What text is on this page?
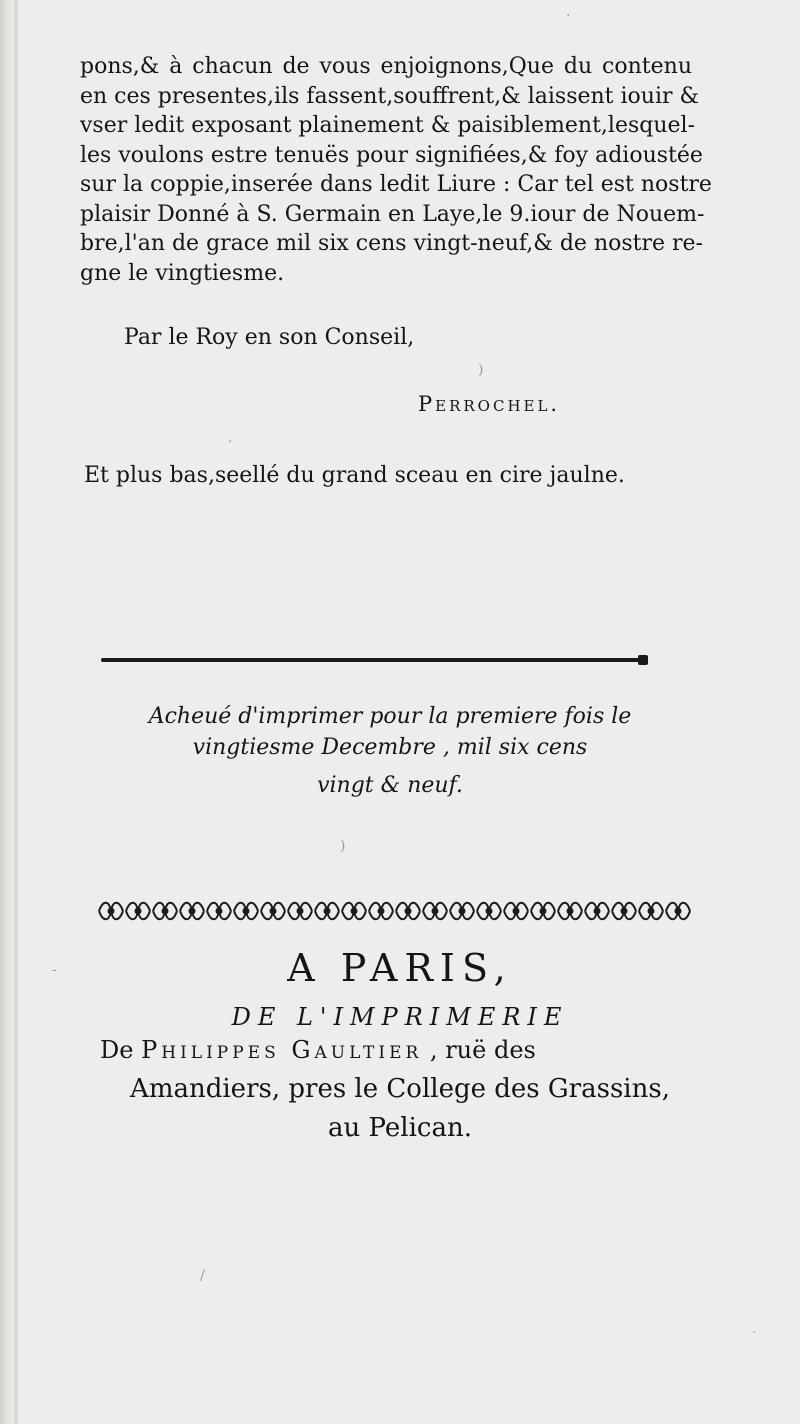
·
)
·
)
-
/
ˎ
pons,& à chacun de vous enjoignons,Que du contenu
en ces presentes,ils fassent,souffrent,& laissent iouir &
vser ledit exposant plainement & paisiblement,lesquel-
les voulons estre tenuës pour signifiées,& foy adioustée
sur la coppie,inserée dans ledit Liure : Car tel est nostre
plaisir Donné à S. Germain en Laye,le 9.iour de Nouem-
bre,l'an de grace mil six cens vingt-neuf,& de nostre re-
gne le vingtiesme.
Par le Roy en son Conseil,
Perrochel.
Et plus bas,seellé du grand sceau en cire jaulne.
Acheué d'imprimer pour la premiere fois le
vingtiesme Decembre , mil six cens
vingt & neuf.
A PARIS,
DE L'IMPRIMERIE
De Philippes Gaultier , ruë des
Amandiers, pres le College des Grassins,
au Pelican.
